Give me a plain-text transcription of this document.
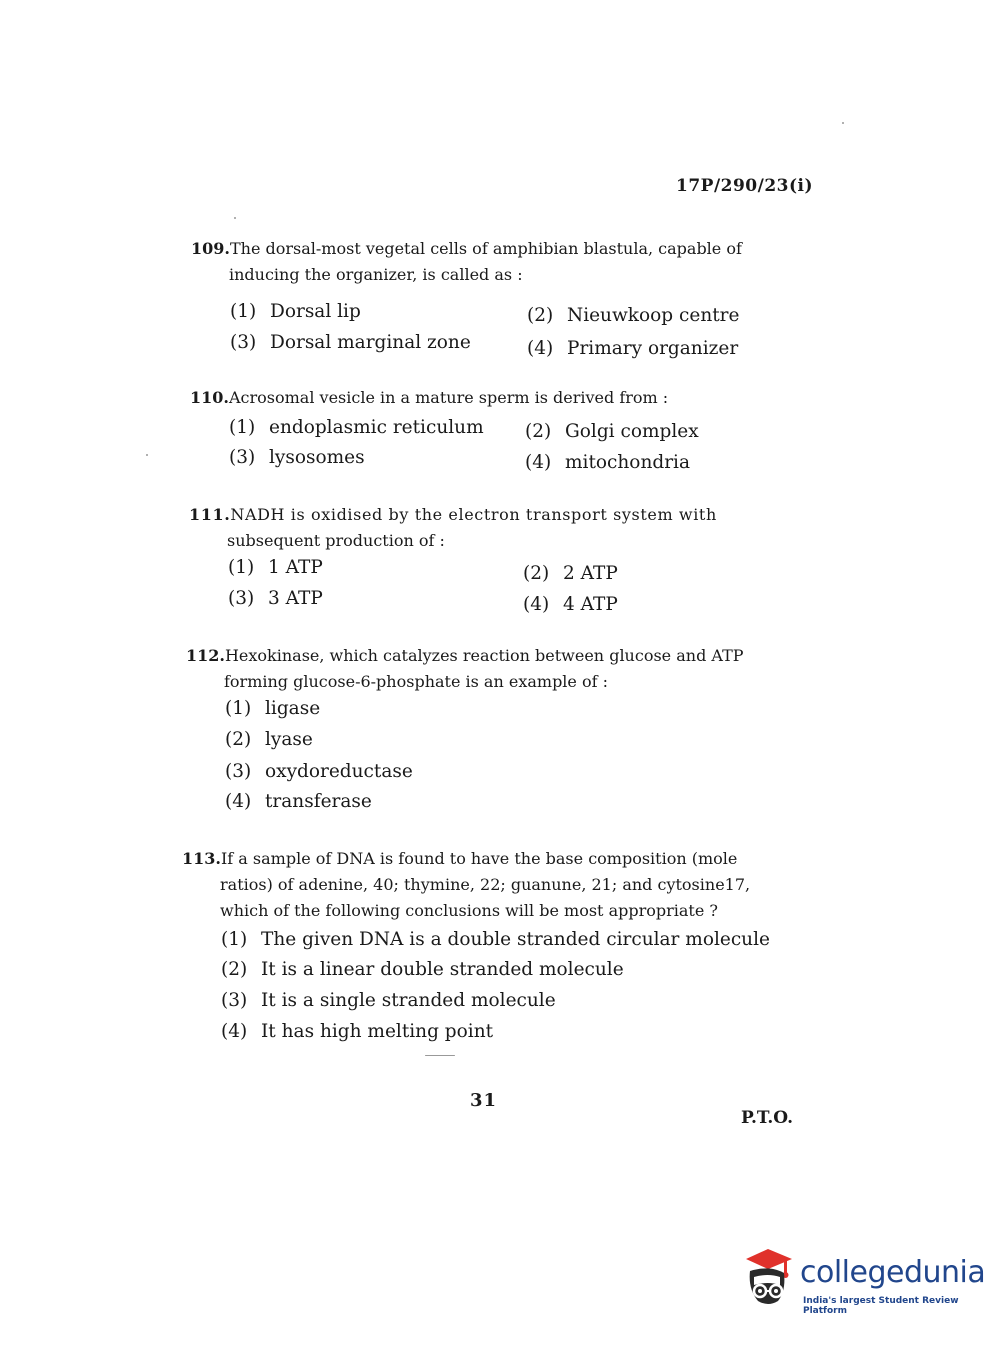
17P/290/23(i)
109.The dorsal-most vegetal cells of amphibian blastula, capable of
inducing the organizer, is called as :
(1) Dorsal lip	(2) Nieuwkoop centre
(3) Dorsal marginal zone	(4) Primary organizer
110.Acrosomal vesicle in a mature sperm is derived from :
(1) endoplasmic reticulum (2) Golgi complex
(3) lysosomes	(4) mitochondria
111.NADH is oxidised by the electron transport system with
subsequent production of :
(1) 1 ATP	(2) 2 ATP
(3) 3 ATP	(4) 4 ATP
112.Hexokinase, which catalyzes reaction between glucose and ATP
forming glucose-6-phosphate is an example of :
(1) ligase
(2) lyase
(3) oxydoreductase
(4) transferase
113.If a sample of DNA is found to have the base composition (mole
ratios) of adenine, 40; thymine, 22; guanune, 21; and cytosine17,
which of the following conclusions will be most appropriate ?
(1) The given DNA is a double stranded circular molecule
(2) It is a linear double stranded molecule
(3) It is a single stranded molecule
(4) It has high melting point
31
P.T.O.
collegedunia
India's largest Student Review Platform
